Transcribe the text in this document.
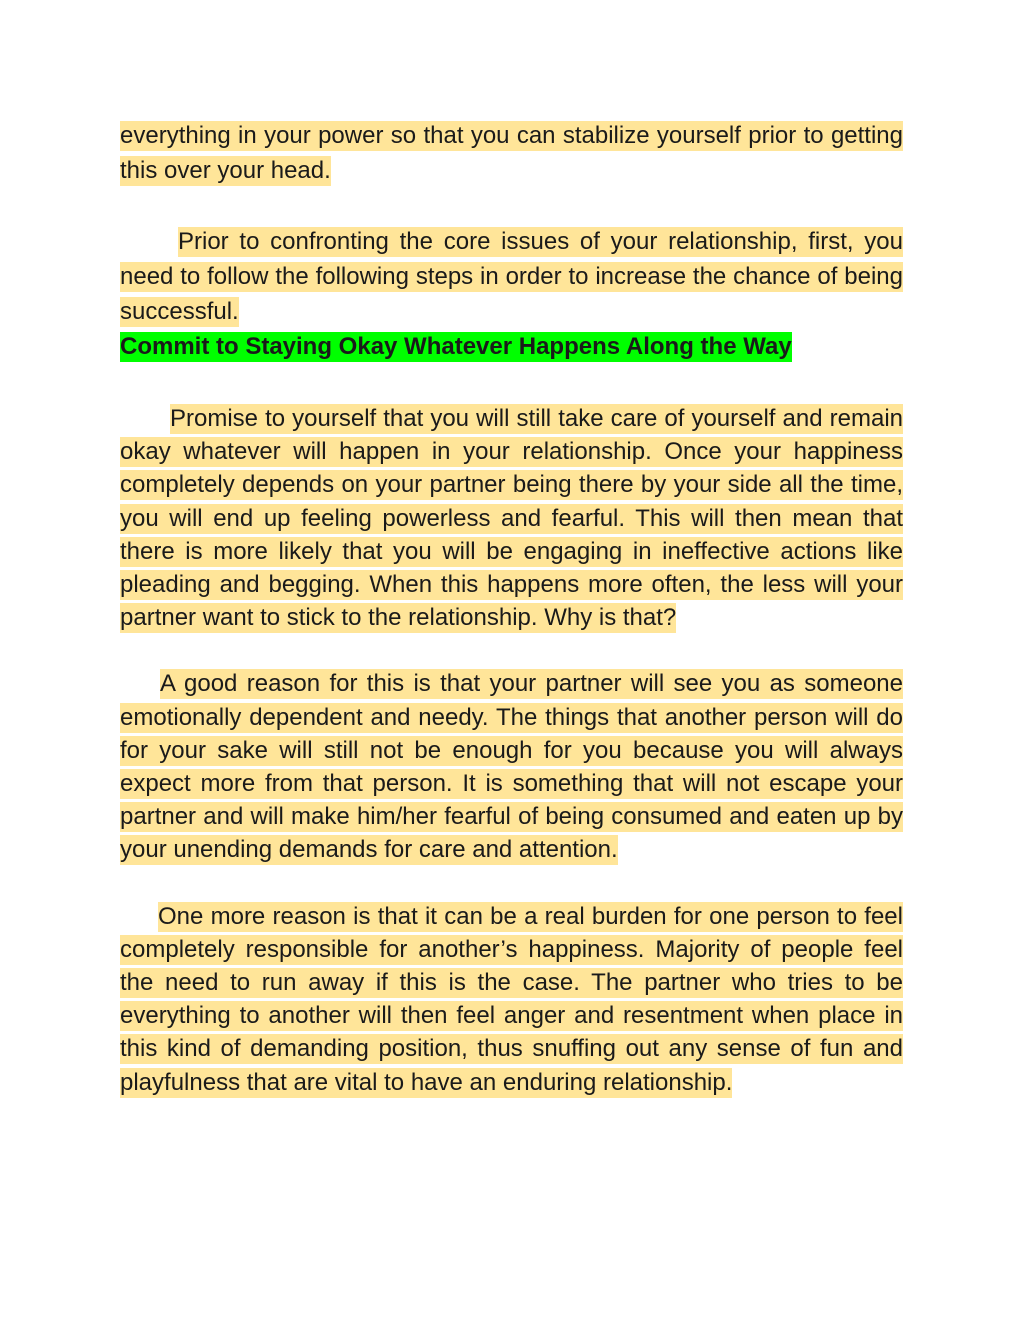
everything in your power so that you can stabilize yourself prior to getting this over your head.

Prior to confronting the core issues of your relationship, first, you need to follow the following steps in order to increase the chance of being successful.

Commit to Staying Okay Whatever Happens Along the Way

Promise to yourself that you will still take care of yourself and remain okay whatever will happen in your relationship. Once your happiness completely depends on your partner being there by your side all the time, you will end up feeling powerless and fearful. This will then mean that there is more likely that you will be engaging in ineffective actions like pleading and begging. When this happens more often, the less will your partner want to stick to the relationship. Why is that?

A good reason for this is that your partner will see you as someone emotionally dependent and needy. The things that another person will do for your sake will still not be enough for you because you will always expect more from that person. It is something that will not escape your partner and will make him/her fearful of being consumed and eaten up by your unending demands for care and attention.

One more reason is that it can be a real burden for one person to feel completely responsible for another’s happiness. Majority of people feel the need to run away if this is the case. The partner who tries to be everything to another will then feel anger and resentment when place in this kind of demanding position, thus snuffing out any sense of fun and playfulness that are vital to have an enduring relationship.
